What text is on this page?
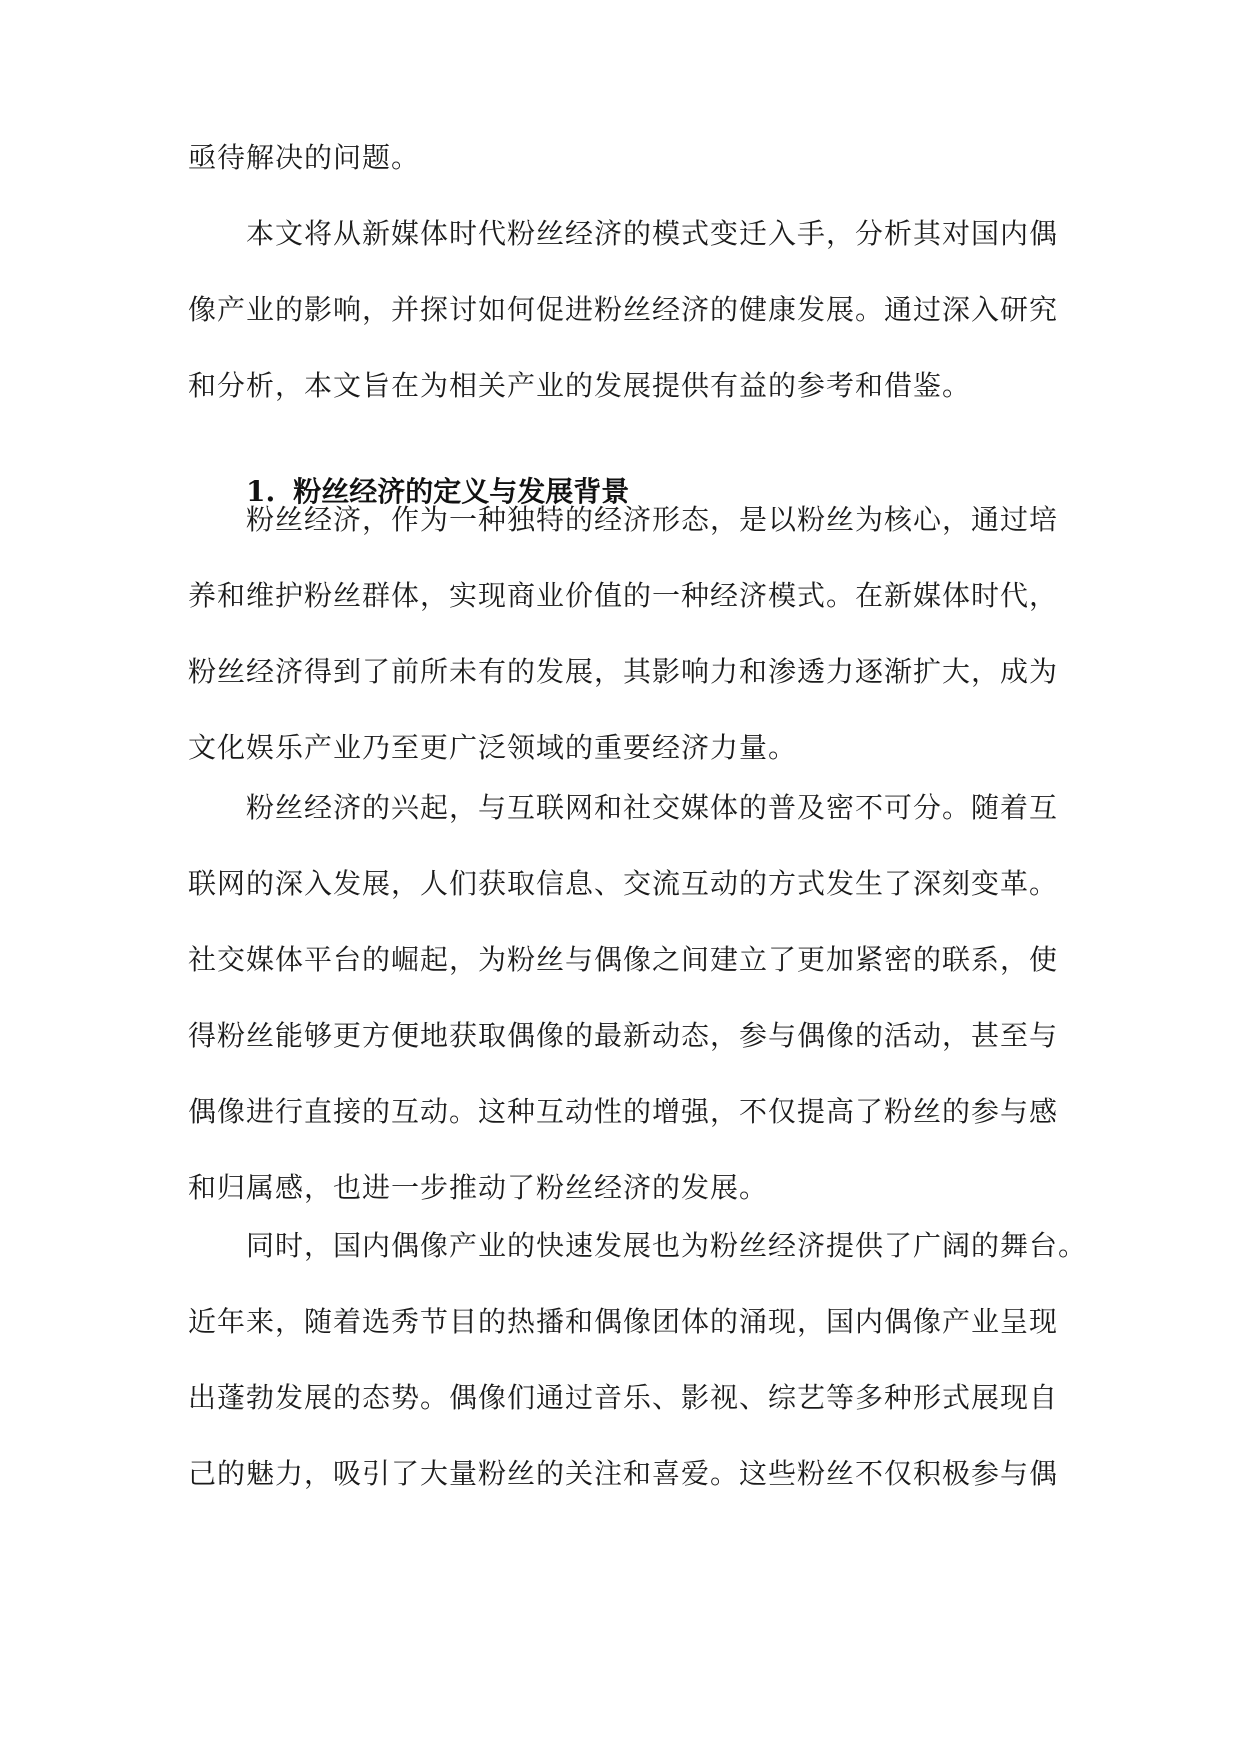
亟待解决的问题。
　　本文将从新媒体时代粉丝经济的模式变迁入手，分析其对国内偶
像产业的影响，并探讨如何促进粉丝经济的健康发展。通过深入研究
和分析，本文旨在为相关产业的发展提供有益的参考和借鉴。
1. 粉丝经济的定义与发展背景
　　粉丝经济，作为一种独特的经济形态，是以粉丝为核心，通过培
养和维护粉丝群体，实现商业价值的一种经济模式。在新媒体时代，
粉丝经济得到了前所未有的发展，其影响力和渗透力逐渐扩大，成为
文化娱乐产业乃至更广泛领域的重要经济力量。
　　粉丝经济的兴起，与互联网和社交媒体的普及密不可分。随着互
联网的深入发展，人们获取信息、交流互动的方式发生了深刻变革。
社交媒体平台的崛起，为粉丝与偶像之间建立了更加紧密的联系，使
得粉丝能够更方便地获取偶像的最新动态，参与偶像的活动，甚至与
偶像进行直接的互动。这种互动性的增强，不仅提高了粉丝的参与感
和归属感，也进一步推动了粉丝经济的发展。
　　同时，国内偶像产业的快速发展也为粉丝经济提供了广阔的舞台。
近年来，随着选秀节目的热播和偶像团体的涌现，国内偶像产业呈现
出蓬勃发展的态势。偶像们通过音乐、影视、综艺等多种形式展现自
己的魅力，吸引了大量粉丝的关注和喜爱。这些粉丝不仅积极参与偶
